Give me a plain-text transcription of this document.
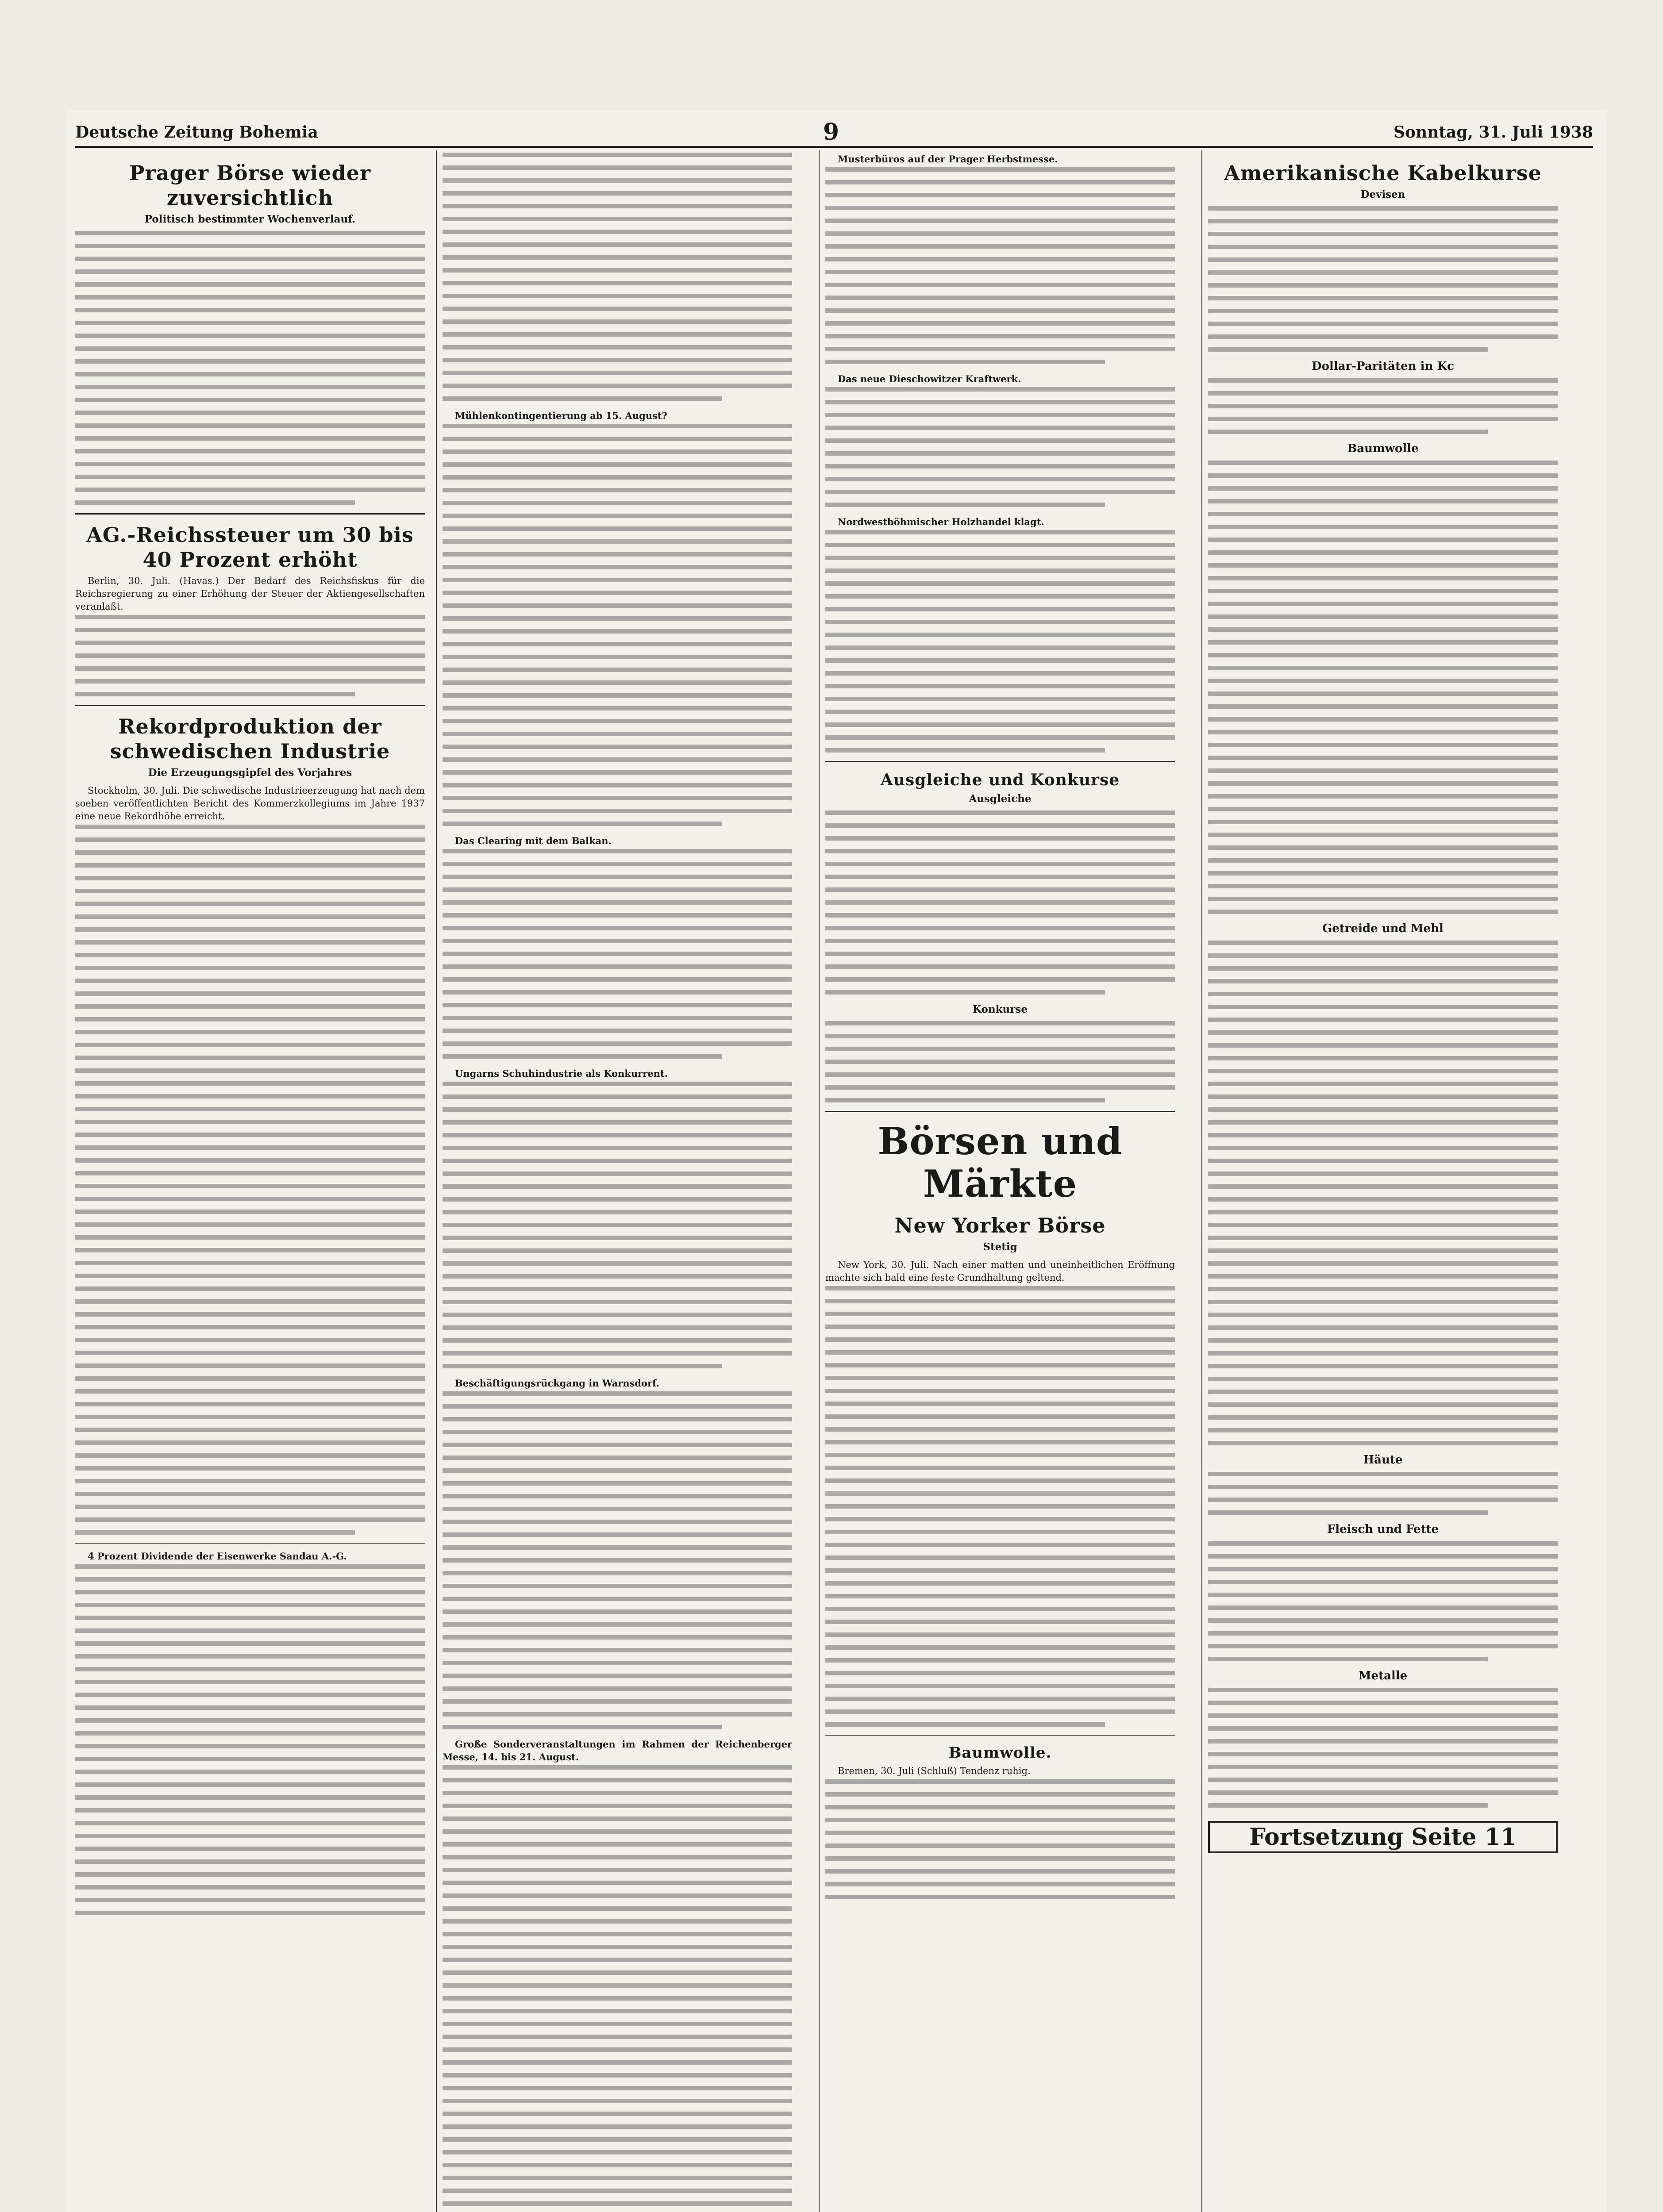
Deutsche Zeitung Bohemia	9	Sonntag, 31. Juli 1938
Prager Börse wieder zuversichtlich
Politisch bestimmter Wochenverlauf.
AG.-Reichssteuer um 30 bis 40 Prozent erhöht

Berlin, 30. Juli. (Havas.) Der Bedarf des Reichsfiskus für die Reichsregierung zu einer Erhöhung der Steuer der Aktiengesellschaften veranlaßt.

Rekordproduktion der schwedischen Industrie
Die Erzeugungsgipfel des Vorjahres

Stockholm, 30. Juli. Die schwedische Industrieerzeugung hat nach dem soeben veröffentlichten Bericht des Kommerzkollegiums im Jahre 1937 eine neue Rekordhöhe erreicht.

4 Prozent Dividende der Eisenwerke Sandau A.-G.

Mühlenkontingentierung ab 15. August?

Das Clearing mit dem Balkan.

Ungarns Schuhindustrie als Konkurrent.

Beschäftigungsrückgang in Warnsdorf.

Große Sonderveranstaltungen im Rahmen der Reichenberger Messe, 14. bis 21. August.

Musterbüros auf der Prager Herbstmesse.

Das neue Dieschowitzer Kraftwerk.

Nordwestböhmischer Holzhandel klagt.

Ausgleiche und Konkurse
Ausgleiche
Konkurse
Börsen und Märkte
New Yorker Börse
Stetig

New York, 30. Juli. Nach einer matten und uneinheitlichen Eröffnung machte sich bald eine feste Grundhaltung geltend.

Baumwolle.

Bremen, 30. Juli (Schluß) Tendenz ruhig.

Amerikanische Kabelkurse
Devisen
Dollar-Paritäten in Kc
Baumwolle
Getreide und Mehl
Häute
Fleisch und Fette
Metalle
Fortsetzung Seite 11
